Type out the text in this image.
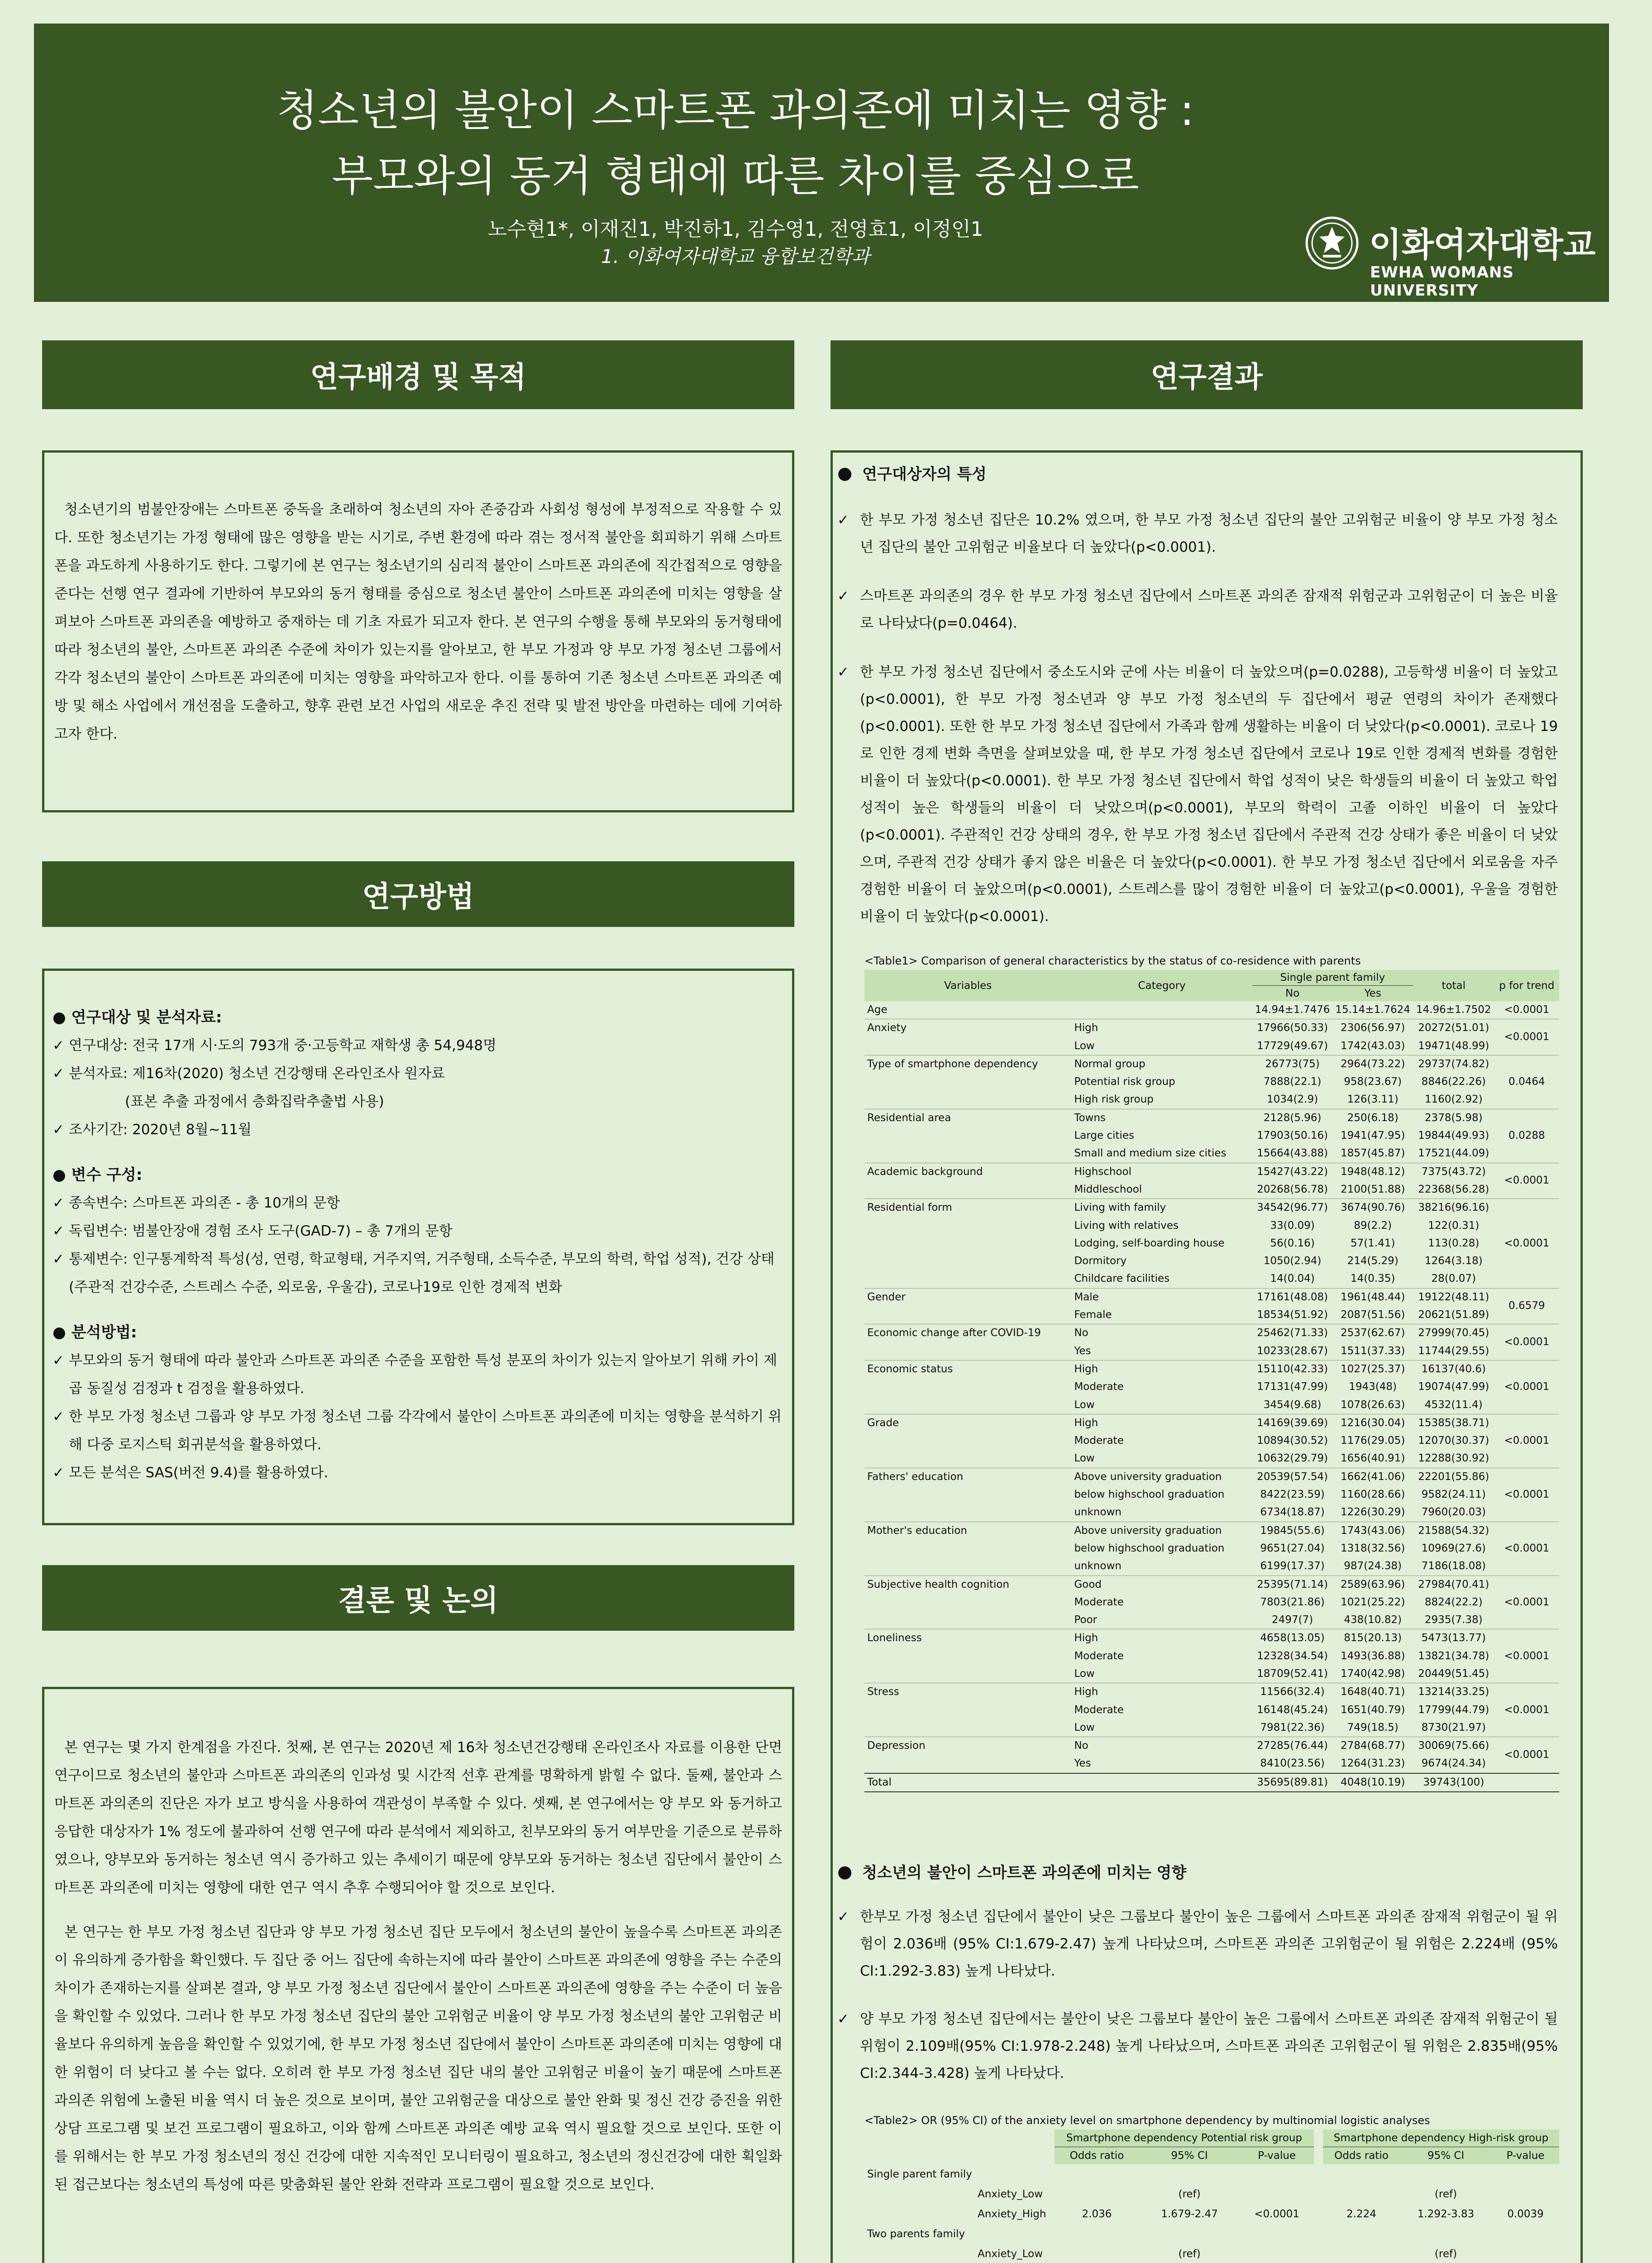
청소년의 불안이 스마트폰 과의존에 미치는 영향 :
부모와의 동거 형태에 따른 차이를 중심으로
노수현1*, 이재진1, 박진하1, 김수영1, 전영효1, 이정인1
1. 이화여자대학교 융합보건학과	이화여자대학교
EWHA WOMANS UNIVERSITY
연구배경 및 목적
청소년기의 범불안장애는 스마트폰 중독을 초래하여 청소년의 자아 존중감과 사회성 형성에 부정적으로 작용할 수 있다. 또한 청소년기는 가정 형태에 많은 영향을 받는 시기로, 주변 환경에 따라 겪는 정서적 불안을 회피하기 위해 스마트폰을 과도하게 사용하기도 한다. 그렇기에 본 연구는 청소년기의 심리적 불안이 스마트폰 과의존에 직간접적으로 영향을 준다는 선행 연구 결과에 기반하여 부모와의 동거 형태를 중심으로 청소년 불안이 스마트폰 과의존에 미치는 영향을 살펴보아 스마트폰 과의존을 예방하고 중재하는 데 기초 자료가 되고자 한다. 본 연구의 수행을 통해 부모와의 동거형태에 따라 청소년의 불안, 스마트폰 과의존 수준에 차이가 있는지를 알아보고, 한 부모 가정과 양 부모 가정 청소년 그룹에서 각각 청소년의 불안이 스마트폰 과의존에 미치는 영향을 파악하고자 한다. 이를 통하여 기존 청소년 스마트폰 과의존 예방 및 해소 사업에서 개선점을 도출하고, 향후 관련 보건 사업의 새로운 추진 전략 및 발전 방안을 마련하는 데에 기여하고자 한다.
연구방법
● 연구대상 및 분석자료:
✓ 연구대상: 전국 17개 시·도의 793개 중·고등학교 재학생 총 54,948명
✓ 분석자료: 제16차(2020) 청소년 건강행태 온라인조사 원자료
(표본 추출 과정에서 층화집락추출법 사용)
✓ 조사기간: 2020년 8월~11월
● 변수 구성:
✓ 종속변수: 스마트폰 과의존 - 총 10개의 문항
✓ 독립변수: 범불안장애 경험 조사 도구(GAD-7) – 총 7개의 문항
✓ 통제변수: 인구통계학적 특성(성, 연령, 학교형태, 거주지역, 거주형태, 소득수준, 부모의 학력, 학업 성적), 건강 상태 (주관적 건강수준, 스트레스 수준, 외로움, 우울감), 코로나19로 인한 경제적 변화
● 분석방법:
✓ 부모와의 동거 형태에 따라 불안과 스마트폰 과의존 수준을 포함한 특성 분포의 차이가 있는지 알아보기 위해 카이 제곱 동질성 검정과 t 검정을 활용하였다.
✓ 한 부모 가정 청소년 그룹과 양 부모 가정 청소년 그룹 각각에서 불안이 스마트폰 과의존에 미치는 영향을 분석하기 위해 다중 로지스틱 회귀분석을 활용하였다.
✓ 모든 분석은 SAS(버전 9.4)를 활용하였다.
결론 및 논의
본 연구는 몇 가지 한계점을 가진다. 첫째, 본 연구는 2020년 제 16차 청소년건강행태 온라인조사 자료를 이용한 단면 연구이므로 청소년의 불안과 스마트폰 과의존의 인과성 및 시간적 선후 관계를 명확하게 밝힐 수 없다. 둘째, 불안과 스마트폰 과의존의 진단은 자가 보고 방식을 사용하여 객관성이 부족할 수 있다. 셋째, 본 연구에서는 양 부모 와 동거하고 응답한 대상자가 1% 정도에 불과하여 선행 연구에 따라 분석에서 제외하고, 친부모와의 동거 여부만을 기준으로 분류하였으나, 양부모와 동거하는 청소년 역시 증가하고 있는 추세이기 때문에 양부모와 동거하는 청소년 집단에서 불안이 스마트폰 과의존에 미치는 영향에 대한 연구 역시 추후 수행되어야 할 것으로 보인다.
본 연구는 한 부모 가정 청소년 집단과 양 부모 가정 청소년 집단 모두에서 청소년의 불안이 높을수록 스마트폰 과의존이 유의하게 증가함을 확인했다. 두 집단 중 어느 집단에 속하는지에 따라 불안이 스마트폰 과의존에 영향을 주는 수준의 차이가 존재하는지를 살펴본 결과, 양 부모 가정 청소년 집단에서 불안이 스마트폰 과의존에 영향을 주는 수준이 더 높음을 확인할 수 있었다. 그러나 한 부모 가정 청소년 집단의 불안 고위험군 비율이 양 부모 가정 청소년의 불안 고위험군 비율보다 유의하게 높음을 확인할 수 있었기에, 한 부모 가정 청소년 집단에서 불안이 스마트폰 과의존에 미치는 영향에 대한 위험이 더 낮다고 볼 수는 없다. 오히려 한 부모 가정 청소년 집단 내의 불안 고위험군 비율이 높기 때문에 스마트폰 과의존 위험에 노출된 비율 역시 더 높은 것으로 보이며, 불안 고위험군을 대상으로 불안 완화 및 정신 건강 증진을 위한 상담 프로그램 및 보건 프로그램이 필요하고, 이와 함께 스마트폰 과의존 예방 교육 역시 필요할 것으로 보인다. 또한 이를 위해서는 한 부모 가정 청소년의 정신 건강에 대한 지속적인 모니터링이 필요하고, 청소년의 정신건강에 대한 획일화된 접근보다는 청소년의 특성에 따른 맞춤화된 불안 완화 전략과 프로그램이 필요할 것으로 보인다.
연구결과
● 연구대상자의 특성
✓ 한 부모 가정 청소년 집단은 10.2% 였으며, 한 부모 가정 청소년 집단의 불안 고위험군 비율이 양 부모 가정 청소년 집단의 불안 고위험군 비율보다 더 높았다(p<0.0001).
✓ 스마트폰 과의존의 경우 한 부모 가정 청소년 집단에서 스마트폰 과의존 잠재적 위험군과 고위험군이 더 높은 비율로 나타났다(p=0.0464).
✓ 한 부모 가정 청소년 집단에서 중소도시와 군에 사는 비율이 더 높았으며(p=0.0288), 고등학생 비율이 더 높았고(p<0.0001), 한 부모 가정 청소년과 양 부모 가정 청소년의 두 집단에서 평균 연령의 차이가 존재했다(p<0.0001). 또한 한 부모 가정 청소년 집단에서 가족과 함께 생활하는 비율이 더 낮았다(p<0.0001). 코로나 19로 인한 경제 변화 측면을 살펴보았을 때, 한 부모 가정 청소년 집단에서 코로나 19로 인한 경제적 변화를 경험한 비율이 더 높았다(p<0.0001). 한 부모 가정 청소년 집단에서 학업 성적이 낮은 학생들의 비율이 더 높았고 학업 성적이 높은 학생들의 비율이 더 낮았으며(p<0.0001), 부모의 학력이 고졸 이하인 비율이 더 높았다(p<0.0001). 주관적인 건강 상태의 경우, 한 부모 가정 청소년 집단에서 주관적 건강 상태가 좋은 비율이 더 낮았으며, 주관적 건강 상태가 좋지 않은 비율은 더 높았다(p<0.0001). 한 부모 가정 청소년 집단에서 외로움을 자주 경험한 비율이 더 높았으며(p<0.0001), 스트레스를 많이 경험한 비율이 더 높았고(p<0.0001), 우울을 경험한 비율이 더 높았다(p<0.0001).
<Table1> Comparison of general characteristics by the status of co-residence with parents
Variables	Category	Single parent family		total	p for trend
		No	Yes		
Age		14.94±1.7476	15.14±1.7624	14.96±1.7502	<0.0001
Anxiety	High	17966(50.33)	2306(56.97)	20272(51.01)	<0.0001
	Low	17729(49.67)	1742(43.03)	19471(48.99)	
Type of smartphone dependency	Normal group	26773(75)	2964(73.22)	29737(74.82)	0.0464
	Potential risk group	7888(22.1)	958(23.67)	8846(22.26)	
	High risk group	1034(2.9)	126(3.11)	1160(2.92)	
Residential area	Towns	2128(5.96)	250(6.18)	2378(5.98)	0.0288
	Large cities	17903(50.16)	1941(47.95)	19844(49.93)	
	Small and medium size cities	15664(43.88)	1857(45.87)	17521(44.09)	
Academic background	Highschool	15427(43.22)	1948(48.12)	7375(43.72)	<0.0001
	Middleschool	20268(56.78)	2100(51.88)	22368(56.28)	
Residential form	Living with family	34542(96.77)	3674(90.76)	38216(96.16)	<0.0001
	Living with relatives	33(0.09)	89(2.2)	122(0.31)	
	Lodging, self-boarding house	56(0.16)	57(1.41)	113(0.28)	
	Dormitory	1050(2.94)	214(5.29)	1264(3.18)	
	Childcare facilities	14(0.04)	14(0.35)	28(0.07)	
Gender	Male	17161(48.08)	1961(48.44)	19122(48.11)	0.6579
	Female	18534(51.92)	2087(51.56)	20621(51.89)	
Economic change after COVID-19	No	25462(71.33)	2537(62.67)	27999(70.45)	<0.0001
	Yes	10233(28.67)	1511(37.33)	11744(29.55)	
Economic status	High	15110(42.33)	1027(25.37)	16137(40.6)	<0.0001
	Moderate	17131(47.99)	1943(48)	19074(47.99)	
	Low	3454(9.68)	1078(26.63)	4532(11.4)	
Grade	High	14169(39.69)	1216(30.04)	15385(38.71)	<0.0001
	Moderate	10894(30.52)	1176(29.05)	12070(30.37)	
	Low	10632(29.79)	1656(40.91)	12288(30.92)	
Fathers' education	Above university graduation	20539(57.54)	1662(41.06)	22201(55.86)	<0.0001
	below highschool graduation	8422(23.59)	1160(28.66)	9582(24.11)	
	unknown	6734(18.87)	1226(30.29)	7960(20.03)	
Mother's education	Above university graduation	19845(55.6)	1743(43.06)	21588(54.32)	<0.0001
	below highschool graduation	9651(27.04)	1318(32.56)	10969(27.6)	
	unknown	6199(17.37)	987(24.38)	7186(18.08)	
Subjective health cognition	Good	25395(71.14)	2589(63.96)	27984(70.41)	<0.0001
	Moderate	7803(21.86)	1021(25.22)	8824(22.2)	
	Poor	2497(7)	438(10.82)	2935(7.38)	
Loneliness	High	4658(13.05)	815(20.13)	5473(13.77)	<0.0001
	Moderate	12328(34.54)	1493(36.88)	13821(34.78)	
	Low	18709(52.41)	1740(42.98)	20449(51.45)	
Stress	High	11566(32.4)	1648(40.71)	13214(33.25)	<0.0001
	Moderate	16148(45.24)	1651(40.79)	17799(44.79)	
	Low	7981(22.36)	749(18.5)	8730(21.97)	
Depression	No	27285(76.44)	2784(68.77)	30069(75.66)	<0.0001
	Yes	8410(23.56)	1264(31.23)	9674(24.34)	
Total		35695(89.81)	4048(10.19)	39743(100)	
● 청소년의 불안이 스마트폰 과의존에 미치는 영향
✓ 한부모 가정 청소년 집단에서 불안이 낮은 그룹보다 불안이 높은 그룹에서 스마트폰 과의존 잠재적 위험군이 될 위험이 2.036배 (95% CI:1.679-2.47) 높게 나타났으며, 스마트폰 과의존 고위험군이 될 위험은 2.224배 (95% CI:1.292-3.83) 높게 나타났다.
✓ 양 부모 가정 청소년 집단에서는 불안이 낮은 그룹보다 불안이 높은 그룹에서 스마트폰 과의존 잠재적 위험군이 될 위험이 2.109배(95% CI:1.978-2.248) 높게 나타났으며, 스마트폰 과의존 고위험군이 될 위험은 2.835배(95% CI:2.344-3.428) 높게 나타났다.
<Table2> OR (95% CI) of the anxiety level on smartphone dependency by multinomial logistic analyses
	Smartphone dependency Potential risk group				Smartphone dependency High-risk group		
	Odds ratio	95% CI	P-value		Odds ratio	95% CI	P-value
Single parent family							
Anxiety_Low		(ref)				(ref)	
Anxiety_High	2.036	1.679-2.47	<0.0001		2.224	1.292-3.83	0.0039
Two parents family							
Anxiety_Low		(ref)				(ref)	
